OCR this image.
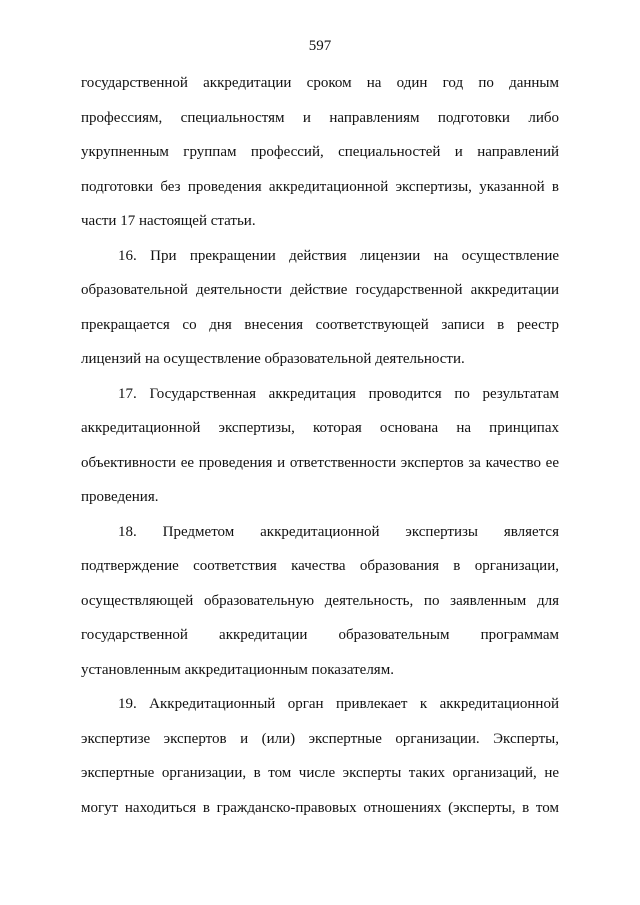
597

государственной аккредитации сроком на один год по данным профессиям, специальностям и направлениям подготовки либо укрупненным группам профессий, специальностей и направлений подготовки без проведения аккредитационной экспертизы, указанной в части 17 настоящей статьи.

16. При прекращении действия лицензии на осуществление образовательной деятельности действие государственной аккредитации прекращается со дня внесения соответствующей записи в реестр лицензий на осуществление образовательной деятельности.

17. Государственная аккредитация проводится по результатам аккредитационной экспертизы, которая основана на принципах объективности ее проведения и ответственности экспертов за качество ее проведения.

18. Предметом аккредитационной экспертизы является подтверждение соответствия качества образования в организации, осуществляющей образовательную деятельность, по заявленным для государственной аккредитации образовательным программам установленным аккредитационным показателям.

19. Аккредитационный орган привлекает к аккредитационной экспертизе экспертов и (или) экспертные организации. Эксперты, экспертные организации, в том числе эксперты таких организаций, не могут находиться в гражданско-правовых отношениях (эксперты, в том
